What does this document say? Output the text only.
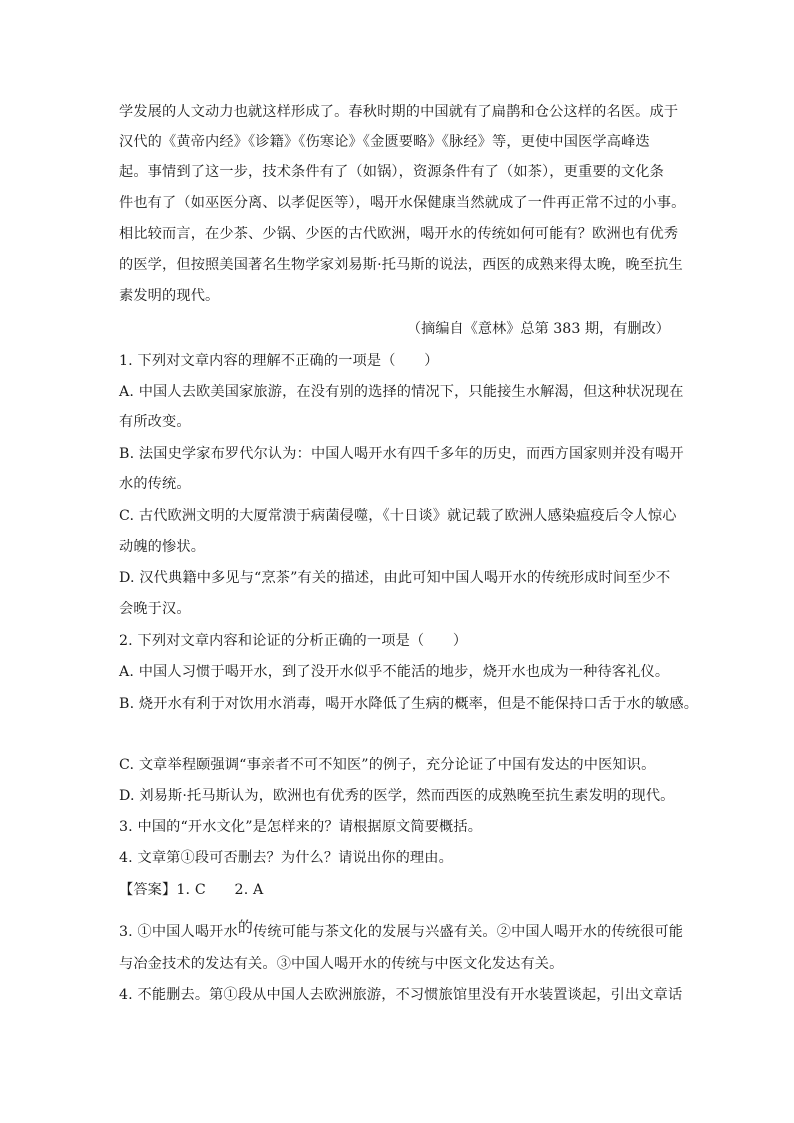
学发展的人文动力也就这样形成了。春秋时期的中国就有了扁鹊和仓公这样的名医。成于
汉代的《黄帝内经》《诊籍》《伤寒论》《金匮要略》《脉经》等，更使中国医学高峰迭
起。事情到了这一步，技术条件有了（如锅），资源条件有了（如茶），更重要的文化条
件也有了（如巫医分离、以孝促医等），喝开水保健康当然就成了一件再正常不过的小事。
相比较而言，在少茶、少锅、少医的古代欧洲，喝开水的传统如何可能有？欧洲也有优秀
的医学，但按照美国著名生物学家刘易斯·托马斯的说法，西医的成熟来得太晚，晚至抗生
素发明的现代。
（摘编自《意林》总第 383 期，有删改）
1. 下列对文章内容的理解不正确的一项是（　　）
A. 中国人去欧美国家旅游，在没有别的选择的情况下，只能接生水解渴，但这种状况现在
有所改变。
B. 法国史学家布罗代尔认为：中国人喝开水有四千多年的历史，而西方国家则并没有喝开
水的传统。
C. 古代欧洲文明的大厦常溃于病菌侵噬，《十日谈》就记载了欧洲人感染瘟疫后令人惊心
动魄的惨状。
D. 汉代典籍中多见与“烹茶”有关的描述，由此可知中国人喝开水的传统形成时间至少不
会晚于汉。
2. 下列对文章内容和论证的分析正确的一项是（　　）
A. 中国人习惯于喝开水，到了没开水似乎不能活的地步，烧开水也成为一种待客礼仪。
B. 烧开水有利于对饮用水消毒，喝开水降低了生病的概率，但是不能保持口舌于水的敏感。
C. 文章举程颐强调“事亲者不可不知医”的例子，充分论证了中国有发达的中医知识。
D. 刘易斯·托马斯认为，欧洲也有优秀的医学，然而西医的成熟晚至抗生素发明的现代。
3. 中国的“开水文化”是怎样来的？请根据原文简要概括。
4. 文章第①段可否删去？为什么？请说出你的理由。
【答案】1. C　　2. A
3. ①中国人喝开水的传统可能与茶文化的发展与兴盛有关。②中国人喝开水的传统很可能
与冶金技术的发达有关。③中国人喝开水的传统与中医文化发达有关。
4. 不能删去。第①段从中国人去欧洲旅游，不习惯旅馆里没有开水装置谈起，引出文章话
